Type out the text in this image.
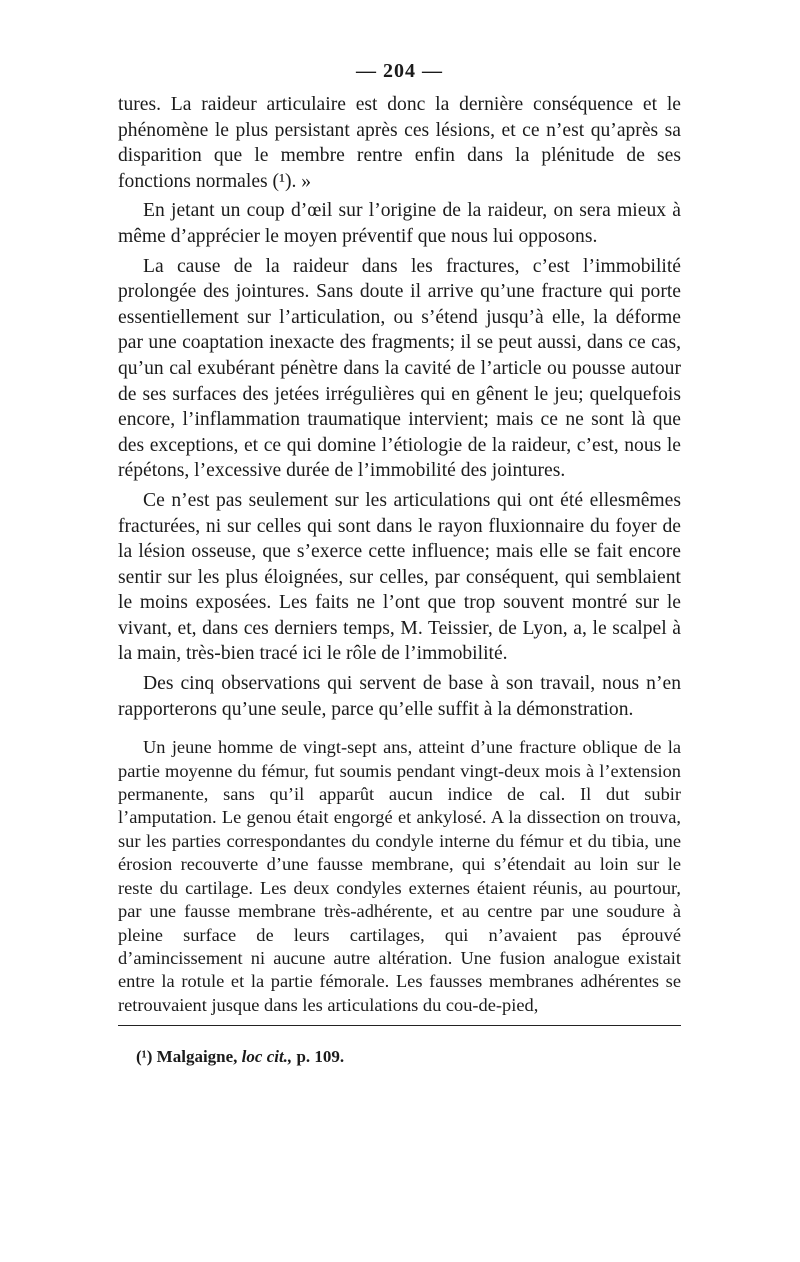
— 204 —

tures. La raideur articulaire est donc la dernière conséquence et le phénomène le plus persistant après ces lésions, et ce n’est qu’après sa disparition que le membre rentre enfin dans la plénitude de ses fonctions normales (¹). »

En jetant un coup d’œil sur l’origine de la raideur, on sera mieux à même d’apprécier le moyen préventif que nous lui opposons.

La cause de la raideur dans les fractures, c’est l’immobilité prolongée des jointures. Sans doute il arrive qu’une fracture qui porte essentiellement sur l’articulation, ou s’étend jusqu’à elle, la déforme par une coaptation inexacte des fragments; il se peut aussi, dans ce cas, qu’un cal exubérant pénètre dans la cavité de l’article ou pousse autour de ses surfaces des jetées irrégulières qui en gênent le jeu; quelquefois encore, l’inflammation traumatique intervient; mais ce ne sont là que des exceptions, et ce qui domine l’étiologie de la raideur, c’est, nous le répétons, l’excessive durée de l’immobilité des jointures.

Ce n’est pas seulement sur les articulations qui ont été ellesmêmes fracturées, ni sur celles qui sont dans le rayon fluxionnaire du foyer de la lésion osseuse, que s’exerce cette influence; mais elle se fait encore sentir sur les plus éloignées, sur celles, par conséquent, qui semblaient le moins exposées. Les faits ne l’ont que trop souvent montré sur le vivant, et, dans ces derniers temps, M. Teissier, de Lyon, a, le scalpel à la main, très-bien tracé ici le rôle de l’immobilité.

Des cinq observations qui servent de base à son travail, nous n’en rapporterons qu’une seule, parce qu’elle suffit à la démonstration.

Un jeune homme de vingt-sept ans, atteint d’une fracture oblique de la partie moyenne du fémur, fut soumis pendant vingt-deux mois à l’extension permanente, sans qu’il apparût aucun indice de cal. Il dut subir l’amputation. Le genou était engorgé et ankylosé. A la dissection on trouva, sur les parties correspondantes du condyle interne du fémur et du tibia, une érosion recouverte d’une fausse membrane, qui s’étendait au loin sur le reste du cartilage. Les deux condyles externes étaient réunis, au pourtour, par une fausse membrane très-adhérente, et au centre par une soudure à pleine surface de leurs cartilages, qui n’avaient pas éprouvé d’amincissement ni aucune autre altération. Une fusion analogue existait entre la rotule et la partie fémorale. Les fausses membranes adhérentes se retrouvaient jusque dans les articulations du cou-de-pied,

(¹) Malgaigne, loc cit., p. 109.
